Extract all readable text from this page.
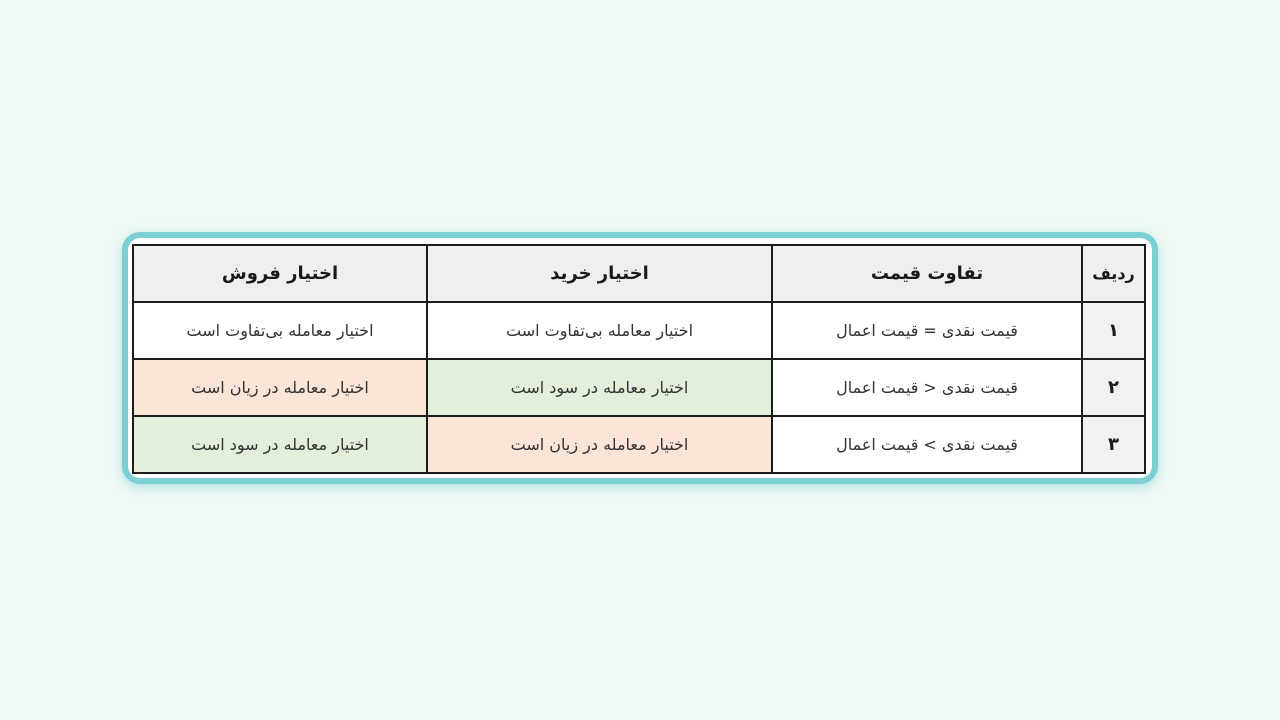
ردیف	تفاوت قیمت	اختیار خرید	اختیار فروش
۱	قیمت نقدی = قیمت اعمال	اختیار معامله بی‌تفاوت است	اختیار معامله بی‌تفاوت است
۲	قیمت نقدی < قیمت اعمال	اختیار معامله در سود است	اختیار معامله در زیان است
۳	قیمت نقدی > قیمت اعمال	اختیار معامله در زیان است	اختیار معامله در سود است
